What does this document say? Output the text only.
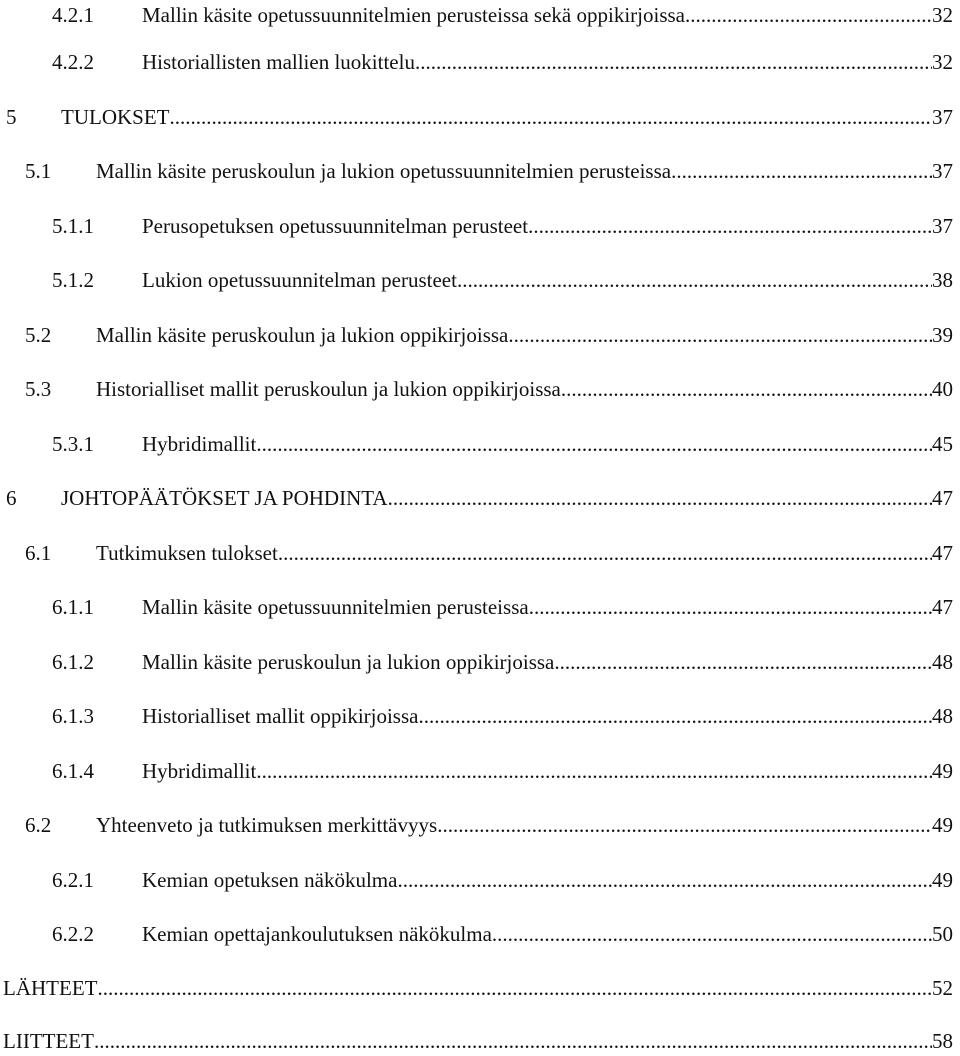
4.2.1 Mallin käsite opetussuunnitelmien perusteissa sekä oppikirjoissa .....	32
4.2.2 Historiallisten mallien luokittelu .....	32
5 TULOKSET .....	37
5.1 Mallin käsite peruskoulun ja lukion opetussuunnitelmien perusteissa .....	37
5.1.1 Perusopetuksen opetussuunnitelman perusteet .....	37
5.1.2 Lukion opetussuunnitelman perusteet .....	38
5.2 Mallin käsite peruskoulun ja lukion oppikirjoissa .....	39
5.3 Historialliset mallit peruskoulun ja lukion oppikirjoissa .....	40
5.3.1 Hybridimallit .....	45
6 JOHTOPÄÄTÖKSET JA POHDINTA .....	47
6.1 Tutkimuksen tulokset .....	47
6.1.1 Mallin käsite opetussuunnitelmien perusteissa .....	47
6.1.2 Mallin käsite peruskoulun ja lukion oppikirjoissa .....	48
6.1.3 Historialliset mallit oppikirjoissa .....	48
6.1.4 Hybridimallit .....	49
6.2 Yhteenveto ja tutkimuksen merkittävyys .....	49
6.2.1 Kemian opetuksen näkökulma .....	49
6.2.2 Kemian opettajankoulutuksen näkökulma .....	50
LÄHTEET .....	52
LIITTEET .....	58
